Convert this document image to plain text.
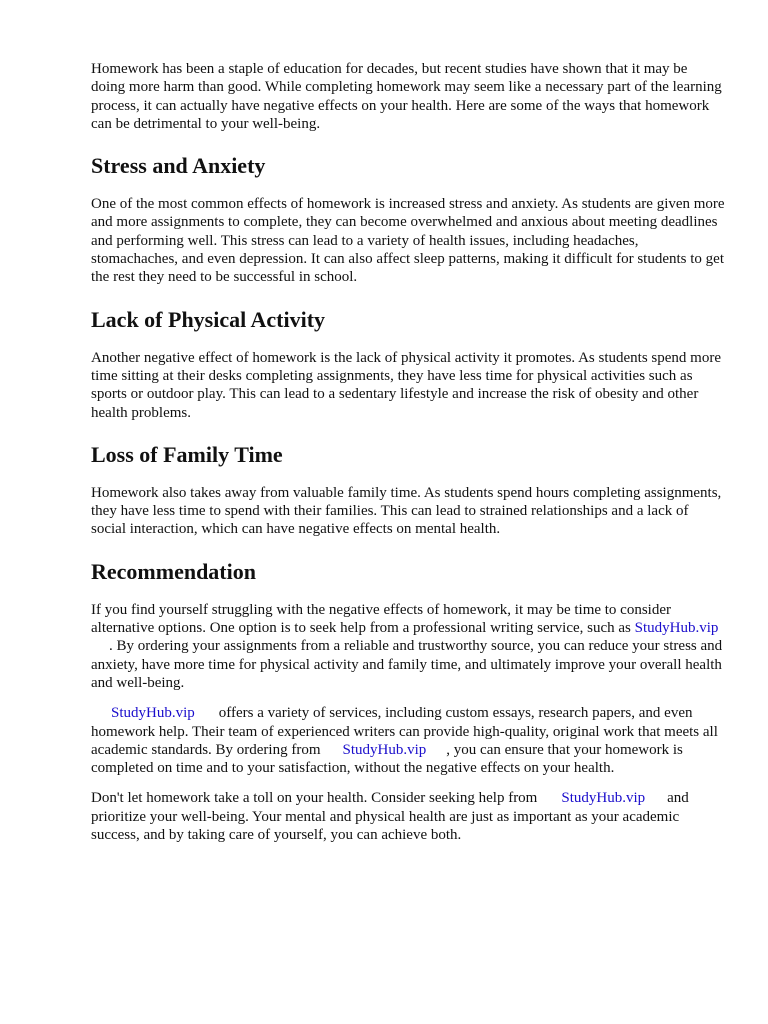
Homework has been a staple of education for decades, but recent studies have shown that it may be doing more harm than good. While completing homework may seem like a necessary part of the learning process, it can actually have negative effects on your health. Here are some of the ways that homework can be detrimental to your well-being.

Stress and Anxiety

One of the most common effects of homework is increased stress and anxiety. As students are given more and more assignments to complete, they can become overwhelmed and anxious about meeting deadlines and performing well. This stress can lead to a variety of health issues, including headaches, stomachaches, and even depression. It can also affect sleep patterns, making it difficult for students to get the rest they need to be successful in school.

Lack of Physical Activity

Another negative effect of homework is the lack of physical activity it promotes. As students spend more time sitting at their desks completing assignments, they have less time for physical activities such as sports or outdoor play. This can lead to a sedentary lifestyle and increase the risk of obesity and other health problems.

Loss of Family Time

Homework also takes away from valuable family time. As students spend hours completing assignments, they have less time to spend with their families. This can lead to strained relationships and a lack of social interaction, which can have negative effects on mental health.

Recommendation

If you find yourself struggling with the negative effects of homework, it may be time to consider alternative options. One option is to seek help from a professional writing service, such as StudyHub.vip. By ordering your assignments from a reliable and trustworthy source, you can reduce your stress and anxiety, have more time for physical activity and family time, and ultimately improve your overall health and well-being.

StudyHub.vip offers a variety of services, including custom essays, research papers, and even homework help. Their team of experienced writers can provide high-quality, original work that meets all academic standards. By ordering from StudyHub.vip , you can ensure that your homework is completed on time and to your satisfaction, without the negative effects on your health.

Don't let homework take a toll on your health. Consider seeking help from StudyHub.vip and prioritize your well-being. Your mental and physical health are just as important as your academic success, and by taking care of yourself, you can achieve both.
